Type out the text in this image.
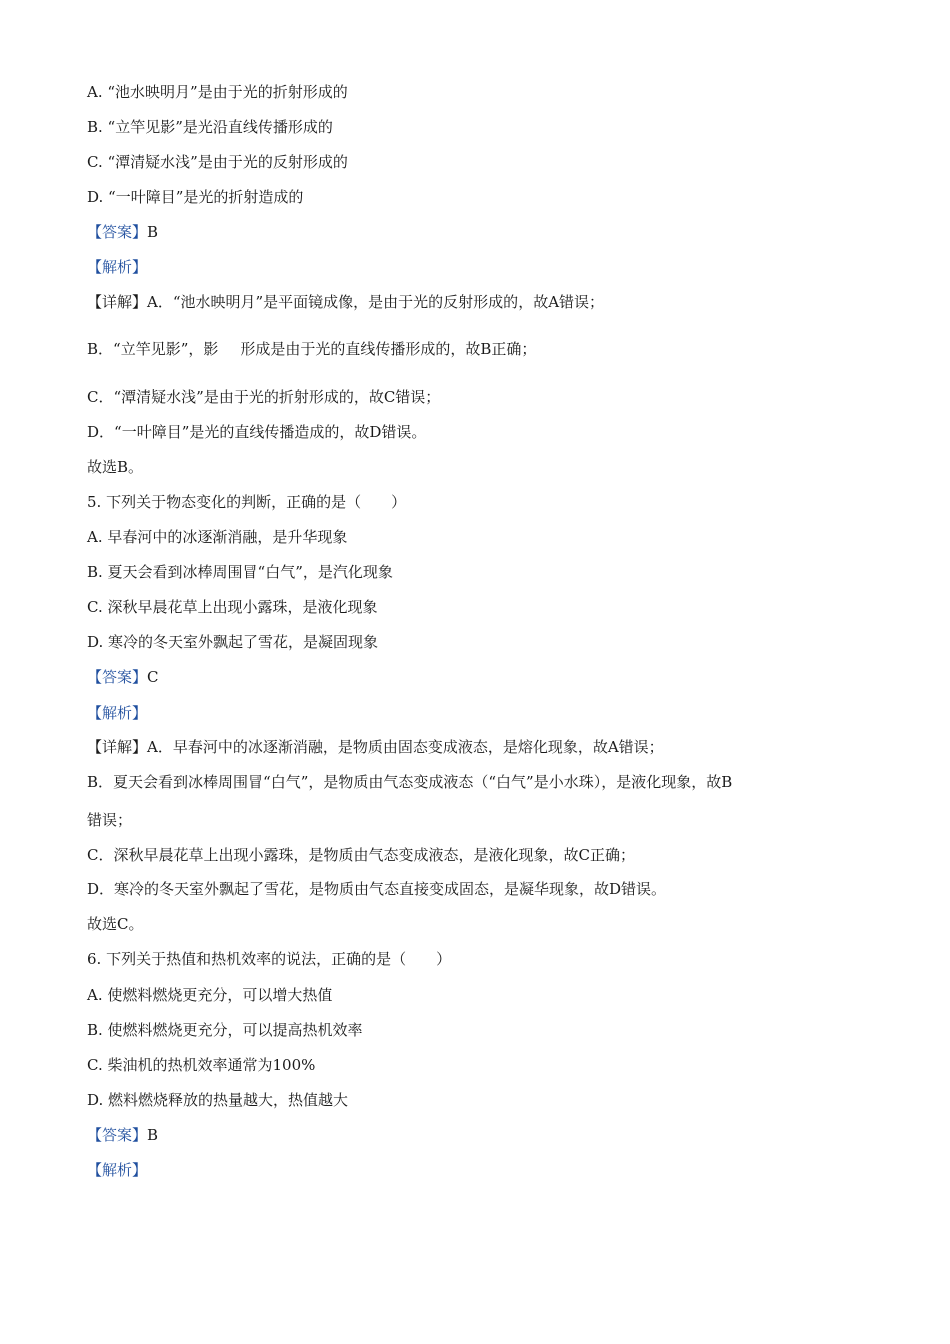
A. “池水映明月”是由于光的折射形成的
B. “立竿见影”是光沿直线传播形成的
C. “潭清疑水浅”是由于光的反射形成的
D. “一叶障目”是光的折射造成的
【答案】B
【解析】
【详解】A．“池水映明月”是平面镜成像，是由于光的反射形成的，故A错误；
B．“立竿见影”，影 形成是由于光的直线传播形成的，故B正确；
C．“潭清疑水浅”是由于光的折射形成的，故C错误；
D．“一叶障目”是光的直线传播造成的，故D错误。
故选B。
5. 下列关于物态变化的判断，正确的是（　　）
A. 早春河中的冰逐渐消融，是升华现象
B. 夏天会看到冰棒周围冒“白气”，是汽化现象
C. 深秋早晨花草上出现小露珠，是液化现象
D. 寒冷的冬天室外飘起了雪花，是凝固现象
【答案】C
【解析】
【详解】A．早春河中的冰逐渐消融，是物质由固态变成液态，是熔化现象，故A错误；
B．夏天会看到冰棒周围冒“白气”，是物质由气态变成液态（“白气”是小水珠），是液化现象，故B
错误；
C．深秋早晨花草上出现小露珠，是物质由气态变成液态，是液化现象，故C正确；
D．寒冷的冬天室外飘起了雪花，是物质由气态直接变成固态，是凝华现象，故D错误。
故选C。
6. 下列关于热值和热机效率的说法，正确的是（　　）
A. 使燃料燃烧更充分，可以增大热值
B. 使燃料燃烧更充分，可以提高热机效率
C. 柴油机的热机效率通常为100%
D. 燃料燃烧释放的热量越大，热值越大
【答案】B
【解析】
